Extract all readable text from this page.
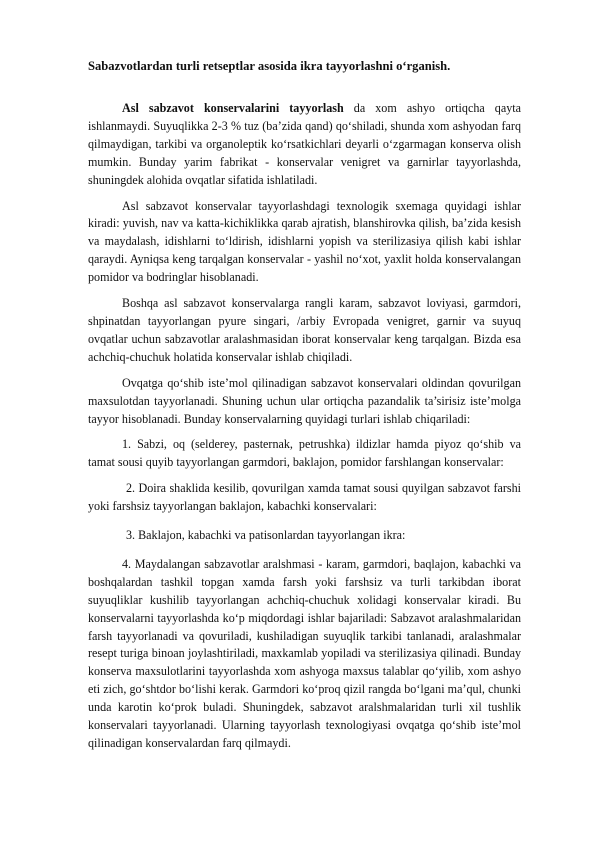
Sabazvotlardan turli retseptlar asosida ikra tayyorlashni o‘rganish.

Asl sabzavot konservalarini tayyorlash da xom ashyo ortiqcha qayta ishlanmaydi. Suyuqlikka 2-3 % tuz (ba’zida qand) qo‘shiladi, shunda xom ashyodan farq qilmaydigan, tarkibi va organoleptik ko‘rsatkichlari deyarli o‘zgarmagan konserva olish mumkin. Bunday yarim fabrikat - konservalar venigret va garnirlar tayyorlashda, shuningdek alohida ovqatlar sifatida ishlatiladi.

Asl sabzavot konservalar tayyorlashdagi texnologik sxemaga quyidagi ishlar kiradi: yuvish, nav va katta-kichiklikka qarab ajratish, blanshirovka qilish, ba’zida kesish va maydalash, idishlarni to‘ldirish, idishlarni yopish va sterilizasiya qilish kabi ishlar qaraydi. Ayniqsa keng tarqalgan konservalar - yashil no‘xot, yaxlit holda konservalangan pomidor va bodringlar hisoblanadi.

Boshqa asl sabzavot konservalarga rangli karam, sabzavot loviyasi, garmdori, shpinatdan tayyorlangan pyure singari, /arbiy Evropada venigret, garnir va suyuq ovqatlar uchun sabzavotlar aralashmasidan iborat konservalar keng tarqalgan. Bizda esa achchiq-chuchuk holatida konservalar ishlab chiqiladi.

Ovqatga qo‘shib iste’mol qilinadigan sabzavot konservalari oldindan qovurilgan maxsulotdan tayyorlanadi. Shuning uchun ular ortiqcha pazandalik ta’sirisiz iste’molga tayyor hisoblanadi. Bunday konservalarning quyidagi turlari ishlab chiqariladi:

1. Sabzi, oq (selderey, pasternak, petrushka) ildizlar hamda piyoz qo‘shib va tamat sousi quyib tayyorlangan garmdori, baklajon, pomidor farshlangan konservalar:

2. Doira shaklida kesilib, qovurilgan xamda tamat sousi quyilgan sabzavot farshi yoki farshsiz tayyorlangan baklajon, kabachki konservalari:

3. Baklajon, kabachki va patisonlardan tayyorlangan ikra:

4. Maydalangan sabzavotlar aralshmasi - karam, garmdori, baqlajon, kabachki va boshqalardan tashkil topgan xamda farsh yoki farshsiz va turli tarkibdan iborat suyuqliklar kushilib tayyorlangan achchiq-chuchuk xolidagi konservalar kiradi. Bu konservalarni tayyorlashda ko‘p miqdordagi ishlar bajariladi: Sabzavot aralashmalaridan farsh tayyorlanadi va qovuriladi, kushiladigan suyuqlik tarkibi tanlanadi, aralashmalar resept turiga binoan joylashtiriladi, maxkamlab yopiladi va sterilizasiya qilinadi. Bunday konserva maxsulotlarini tayyorlashda xom ashyoga maxsus talablar qo‘yilib, xom ashyo eti zich, go‘shtdor bo‘lishi kerak. Garmdori ko‘proq qizil rangda bo‘lgani ma’qul, chunki unda karotin ko‘prok buladi. Shuningdek, sabzavot aralshmalaridan turli xil tushlik konservalari tayyorlanadi. Ularning tayyorlash texnologiyasi ovqatga qo‘shib iste’mol qilinadigan konservalardan farq qilmaydi.
